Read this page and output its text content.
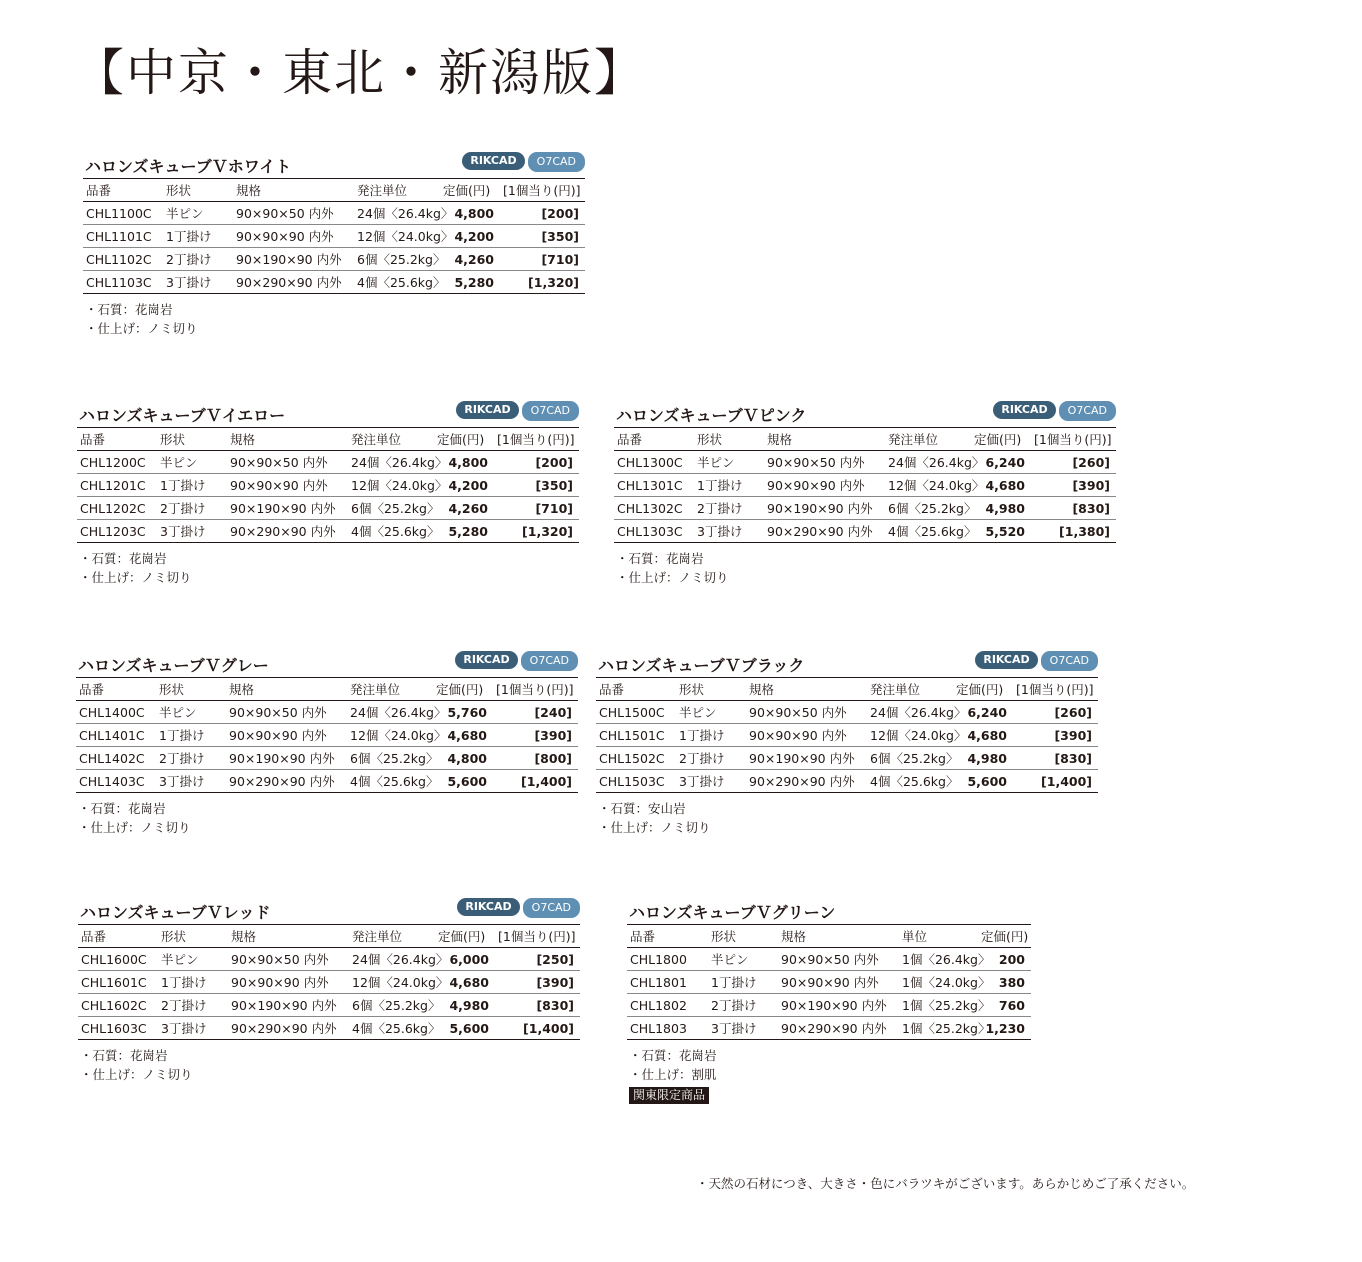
【中京・東北・新潟版】
ハロンズキューブＶホワイト	RIKCAD	O7CAD
品番	形状	規格	発注単位	定価(円)	[1個当り(円)]
CHL1100C	半ピン	90×90×50 内外	24個〈26.4kg〉	4,800	[200]
CHL1101C	1丁掛け	90×90×90 内外	12個〈24.0kg〉	4,200	[350]
CHL1102C	2丁掛け	90×190×90 内外	6個〈25.2kg〉	4,260	[710]
CHL1103C	3丁掛け	90×290×90 内外	4個〈25.6kg〉	5,280	[1,320]
・石質：花崗岩
・仕上げ：ノミ切り
ハロンズキューブＶイエロー	RIKCAD	O7CAD
品番	形状	規格	発注単位	定価(円)	[1個当り(円)]
CHL1200C	半ピン	90×90×50 内外	24個〈26.4kg〉	4,800	[200]
CHL1201C	1丁掛け	90×90×90 内外	12個〈24.0kg〉	4,200	[350]
CHL1202C	2丁掛け	90×190×90 内外	6個〈25.2kg〉	4,260	[710]
CHL1203C	3丁掛け	90×290×90 内外	4個〈25.6kg〉	5,280	[1,320]
・石質：花崗岩
・仕上げ：ノミ切り
ハロンズキューブＶピンク	RIKCAD	O7CAD
品番	形状	規格	発注単位	定価(円)	[1個当り(円)]
CHL1300C	半ピン	90×90×50 内外	24個〈26.4kg〉	6,240	[260]
CHL1301C	1丁掛け	90×90×90 内外	12個〈24.0kg〉	4,680	[390]
CHL1302C	2丁掛け	90×190×90 内外	6個〈25.2kg〉	4,980	[830]
CHL1303C	3丁掛け	90×290×90 内外	4個〈25.6kg〉	5,520	[1,380]
・石質：花崗岩
・仕上げ：ノミ切り
ハロンズキューブＶグレー	RIKCAD	O7CAD
品番	形状	規格	発注単位	定価(円)	[1個当り(円)]
CHL1400C	半ピン	90×90×50 内外	24個〈26.4kg〉	5,760	[240]
CHL1401C	1丁掛け	90×90×90 内外	12個〈24.0kg〉	4,680	[390]
CHL1402C	2丁掛け	90×190×90 内外	6個〈25.2kg〉	4,800	[800]
CHL1403C	3丁掛け	90×290×90 内外	4個〈25.6kg〉	5,600	[1,400]
・石質：花崗岩
・仕上げ：ノミ切り
ハロンズキューブＶブラック	RIKCAD	O7CAD
品番	形状	規格	発注単位	定価(円)	[1個当り(円)]
CHL1500C	半ピン	90×90×50 内外	24個〈26.4kg〉	6,240	[260]
CHL1501C	1丁掛け	90×90×90 内外	12個〈24.0kg〉	4,680	[390]
CHL1502C	2丁掛け	90×190×90 内外	6個〈25.2kg〉	4,980	[830]
CHL1503C	3丁掛け	90×290×90 内外	4個〈25.6kg〉	5,600	[1,400]
・石質：安山岩
・仕上げ：ノミ切り
ハロンズキューブＶレッド	RIKCAD	O7CAD
品番	形状	規格	発注単位	定価(円)	[1個当り(円)]
CHL1600C	半ピン	90×90×50 内外	24個〈26.4kg〉	6,000	[250]
CHL1601C	1丁掛け	90×90×90 内外	12個〈24.0kg〉	4,680	[390]
CHL1602C	2丁掛け	90×190×90 内外	6個〈25.2kg〉	4,980	[830]
CHL1603C	3丁掛け	90×290×90 内外	4個〈25.6kg〉	5,600	[1,400]
・石質：花崗岩
・仕上げ：ノミ切り
ハロンズキューブＶグリーン
品番	形状	規格	単位	定価(円)
CHL1800	半ピン	90×90×50 内外	1個〈26.4kg〉	200
CHL1801	1丁掛け	90×90×90 内外	1個〈24.0kg〉	380
CHL1802	2丁掛け	90×190×90 内外	1個〈25.2kg〉	760
CHL1803	3丁掛け	90×290×90 内外	1個〈25.2kg〉	1,230
・石質：花崗岩
・仕上げ：割肌
関東限定商品
・天然の石材につき、大きさ・色にバラツキがございます。あらかじめご了承ください。
